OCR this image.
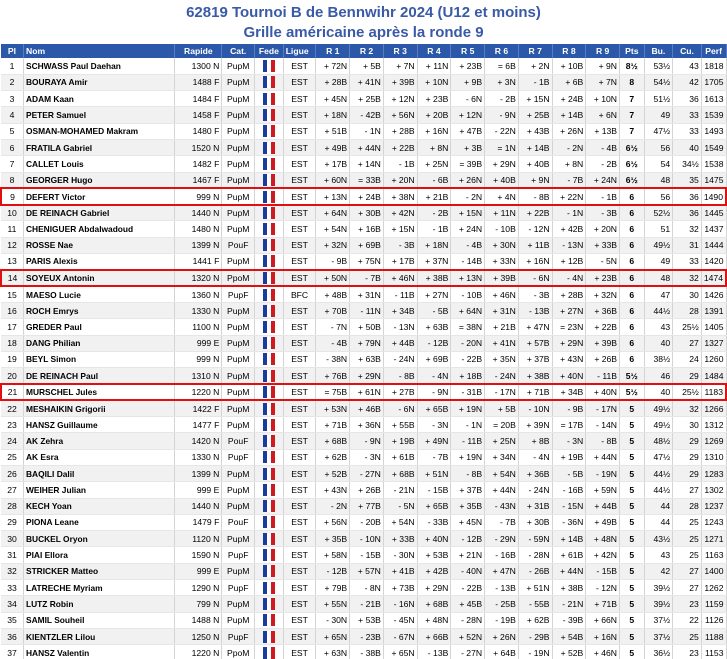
62819 Tournoi B de Bennwihr 2024 (U12 et moins)
Grille américaine après la ronde 9
Pl	Nom	Rapide	Cat.	Fede	Ligue	R 1	R 2	R 3	R 4	R 5	R 6	R 7	R 8	R 9	Pts	Bu.	Cu.	Perf
1	SCHWASS Paul Daehan	1300 N	PupM		EST	+ 72N	+ 5B	+ 7N	+ 11N	+ 23B	= 6B	+ 2N	+ 10B	+ 9N	8½	53½	43	1818
2	BOURAYA Amir	1488 F	PupM		EST	+ 28B	+ 41N	+ 39B	+ 10N	+ 9B	+ 3N	- 1B	+ 6B	+ 7N	8	54½	42	1705
3	ADAM Kaan	1484 F	PupM		EST	+ 45N	+ 25B	+ 12N	+ 23B	- 6N	- 2B	+ 15N	+ 24B	+ 10N	7	51½	36	1613
4	PETER Samuel	1458 F	PupM		EST	+ 18N	- 42B	+ 56N	+ 20B	+ 12N	- 9N	+ 25B	+ 14B	+ 6N	7	49	33	1539
5	OSMAN-MOHAMED Makram	1480 F	PupM		EST	+ 51B	- 1N	+ 28B	+ 16N	+ 47B	- 22N	+ 43B	+ 26N	+ 13B	7	47½	33	1493
6	FRATILA Gabriel	1520 N	PupM		EST	+ 49B	+ 44N	+ 22B	+ 8N	+ 3B	= 1N	+ 14B	- 2N	- 4B	6½	56	40	1549
7	CALLET Louis	1482 F	PupM		EST	+ 17B	+ 14N	- 1B	+ 25N	= 39B	+ 29N	+ 40B	+ 8N	- 2B	6½	54	34½	1538
8	GEORGER Hugo	1467 F	PupM		EST	+ 60N	= 33B	+ 20N	- 6B	+ 26N	+ 40B	+ 9N	- 7B	+ 24N	6½	48	35	1475
9	DEFERT Victor	999 N	PupM		EST	+ 13N	+ 24B	+ 38N	+ 21B	- 2N	+ 4N	- 8B	+ 22N	- 1B	6	56	36	1490
10	DE REINACH Gabriel	1440 N	PupM		EST	+ 64N	+ 30B	+ 42N	- 2B	+ 15N	+ 11N	+ 22B	- 1N	- 3B	6	52½	36	1445
11	CHENIGUER Abdalwadoud	1480 N	PupM		EST	+ 54N	+ 16B	+ 15N	- 1B	+ 24N	- 10B	- 12N	+ 42B	+ 20N	6	51	32	1437
12	ROSSE Nae	1399 N	PouF		EST	+ 32N	+ 69B	- 3B	+ 18N	- 4B	+ 30N	+ 11B	- 13N	+ 33B	6	49½	31	1444
13	PARIS Alexis	1441 F	PupM		EST	- 9B	+ 75N	+ 17B	+ 37N	- 14B	+ 33N	+ 16N	+ 12B	- 5N	6	49	33	1420
14	SOYEUX Antonin	1320 N	PpoM		EST	+ 50N	- 7B	+ 46N	+ 38B	+ 13N	+ 39B	- 6N	- 4N	+ 23B	6	48	32	1474
15	MAESO Lucie	1360 N	PupF		BFC	+ 48B	+ 31N	- 11B	+ 27N	- 10B	+ 46N	- 3B	+ 28B	+ 32N	6	47	30	1426
16	ROCH Emrys	1330 N	PupM		EST	+ 70B	- 11N	+ 34B	- 5B	+ 64N	+ 31N	- 13B	+ 27N	+ 36B	6	44½	28	1391
17	GREDER Paul	1100 N	PupM		EST	- 7N	+ 50B	- 13N	+ 63B	= 38N	+ 21B	+ 47N	= 23N	+ 22B	6	43	25½	1405
18	DANG Philian	999 E	PupM		EST	- 4B	+ 79N	+ 44B	- 12B	- 20N	+ 41N	+ 57B	+ 29N	+ 39B	6	40	27	1327
19	BEYL Simon	999 N	PupM		EST	- 38N	+ 63B	- 24N	+ 69B	- 22B	+ 35N	+ 37B	+ 43N	+ 26B	6	38½	24	1260
20	DE REINACH Paul	1310 N	PupM		EST	+ 76B	+ 29N	- 8B	- 4N	+ 18B	- 24N	+ 38B	+ 40N	- 11B	5½	46	29	1484
21	MURSCHEL Jules	1220 N	PupM		EST	= 75B	+ 61N	+ 27B	- 9N	- 31B	- 17N	+ 71B	+ 34B	+ 40N	5½	40	25½	1183
22	MESHAIKIN Grigorii	1422 F	PupM		EST	+ 53N	+ 46B	- 6N	+ 65B	+ 19N	+ 5B	- 10N	- 9B	- 17N	5	49½	32	1266
23	HANSZ Guillaume	1477 F	PupM		EST	+ 71B	+ 36N	+ 55B	- 3N	- 1N	= 20B	+ 39N	= 17B	- 14N	5	49½	30	1312
24	AK Zehra	1420 N	PouF		EST	+ 68B	- 9N	+ 19B	+ 49N	- 11B	+ 25N	+ 8B	- 3N	- 8B	5	48½	29	1269
25	AK Esra	1330 N	PupF		EST	+ 62B	- 3N	+ 61B	- 7B	+ 19N	+ 34N	- 4N	+ 19B	+ 44N	5	47½	29	1310
26	BAQILI Dalil	1399 N	PupM		EST	+ 52B	- 27N	+ 68B	+ 51N	- 8B	+ 54N	+ 36B	- 5B	- 19N	5	44½	29	1283
27	WEIHER Julian	999 E	PupM		EST	+ 43N	+ 26B	- 21N	- 15B	+ 37B	+ 44N	- 24N	- 16B	+ 59N	5	44½	27	1302
28	KECH Yoan	1440 N	PupM		EST	- 2N	+ 77B	- 5N	+ 65B	+ 35B	- 43N	+ 31B	- 15N	+ 44B	5	44	28	1237
29	PIONA Leane	1479 F	PouF		EST	+ 56N	- 20B	+ 54N	- 33B	+ 45N	- 7B	+ 30B	- 36N	+ 49B	5	44	25	1243
30	BUCKEL Oryon	1120 N	PupM		EST	+ 35B	- 10N	+ 33B	+ 40N	- 12B	- 29N	- 59N	+ 14B	+ 48N	5	43½	25	1271
31	PIAI Ellora	1590 N	PupF		EST	+ 58N	- 15B	- 30N	+ 53B	+ 21N	- 16B	- 28N	+ 61B	+ 42N	5	43	25	1163
32	STRICKER Matteo	999 E	PupM		EST	- 12B	+ 57N	+ 41B	+ 42B	- 40N	+ 47N	- 26B	+ 44N	- 15B	5	42	27	1400
33	LATRECHE Myriam	1290 N	PupF		EST	+ 79B	- 8N	+ 73B	+ 29N	- 22B	- 13B	+ 51N	+ 38B	- 12N	5	39½	27	1262
34	LUTZ Robin	799 N	PupM		EST	+ 55N	- 21B	- 16N	+ 68B	+ 45B	- 25B	- 55B	- 21N	+ 71B	5	39½	23	1159
35	SAMIL Souheil	1488 N	PupM		EST	- 30N	+ 53B	- 45N	+ 48N	- 28N	- 19B	+ 62B	- 39B	+ 66N	5	37½	22	1126
36	KIENTZLER Lilou	1250 N	PupF		EST	+ 65N	- 23B	- 67N	+ 66B	+ 52N	+ 26N	- 29B	+ 54B	+ 16N	5	37½	25	1188
37	HANSZ Valentin	1220 N	PpoM		EST	+ 63N	- 38B	+ 65N	- 13B	- 27N	+ 64B	- 19N	+ 52B	+ 46N	5	36½	23	1153
